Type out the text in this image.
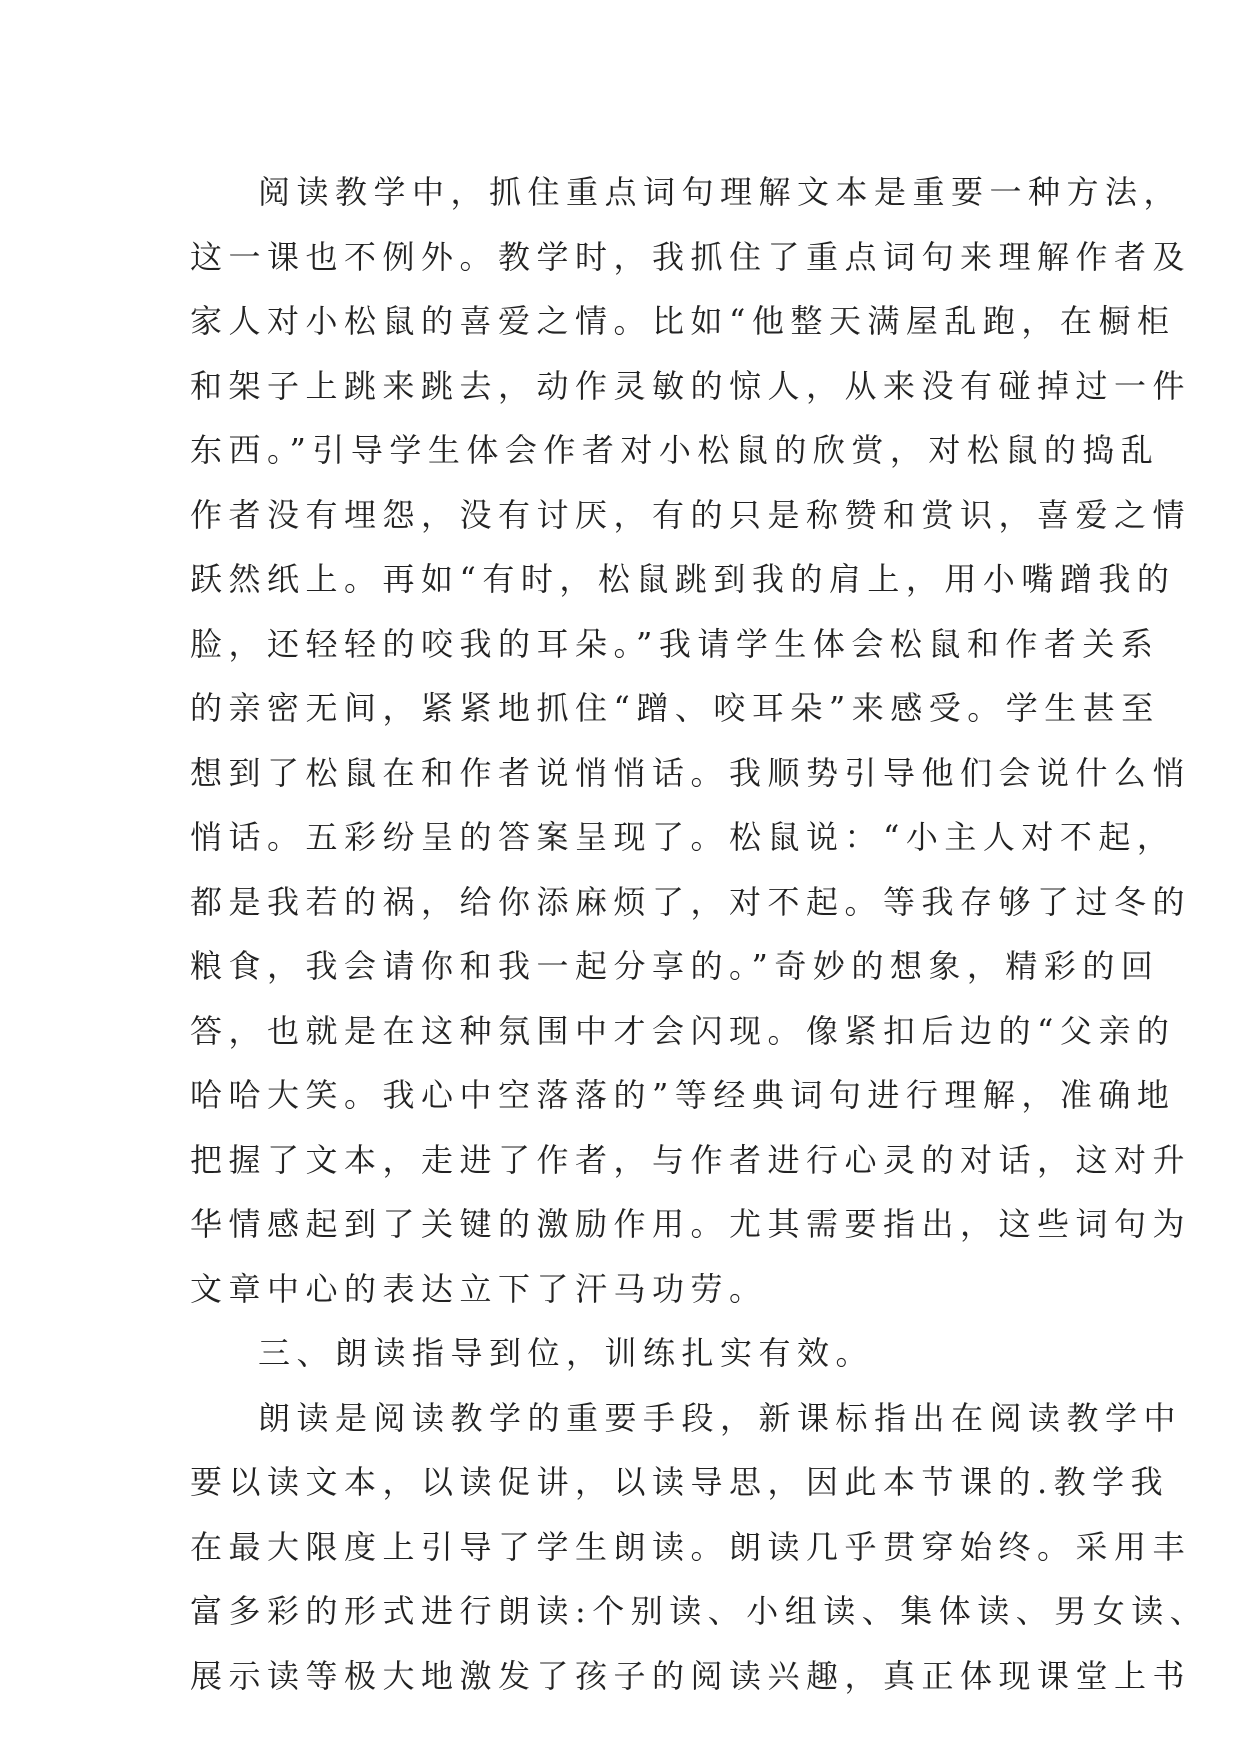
阅读教学中，抓住重点词句理解文本是重要一种方法，
这一课也不例外。教学时，我抓住了重点词句来理解作者及
家人对小松鼠的喜爱之情。比如“他整天满屋乱跑，在橱柜
和架子上跳来跳去，动作灵敏的惊人，从来没有碰掉过一件
东西。”引导学生体会作者对小松鼠的欣赏，对松鼠的捣乱
作者没有埋怨，没有讨厌，有的只是称赞和赏识，喜爱之情
跃然纸上。再如“有时，松鼠跳到我的肩上，用小嘴蹭我的
脸，还轻轻的咬我的耳朵。”我请学生体会松鼠和作者关系
的亲密无间，紧紧地抓住“蹭、咬耳朵”来感受。学生甚至
想到了松鼠在和作者说悄悄话。我顺势引导他们会说什么悄
悄话。五彩纷呈的答案呈现了。松鼠说：“小主人对不起，
都是我若的祸，给你添麻烦了，对不起。等我存够了过冬的
粮食，我会请你和我一起分享的。”奇妙的想象，精彩的回
答，也就是在这种氛围中才会闪现。像紧扣后边的“父亲的
哈哈大笑。我心中空落落的”等经典词句进行理解，准确地
把握了文本，走进了作者，与作者进行心灵的对话，这对升
华情感起到了关键的激励作用。尤其需要指出，这些词句为
文章中心的表达立下了汗马功劳。
三、朗读指导到位，训练扎实有效。
朗读是阅读教学的重要手段，新课标指出在阅读教学中
要以读文本，以读促讲，以读导思，因此本节课的.教学我
在最大限度上引导了学生朗读。朗读几乎贯穿始终。采用丰
富多彩的形式进行朗读:个别读、小组读、集体读、男女读、
展示读等极大地激发了孩子的阅读兴趣，真正体现课堂上书
